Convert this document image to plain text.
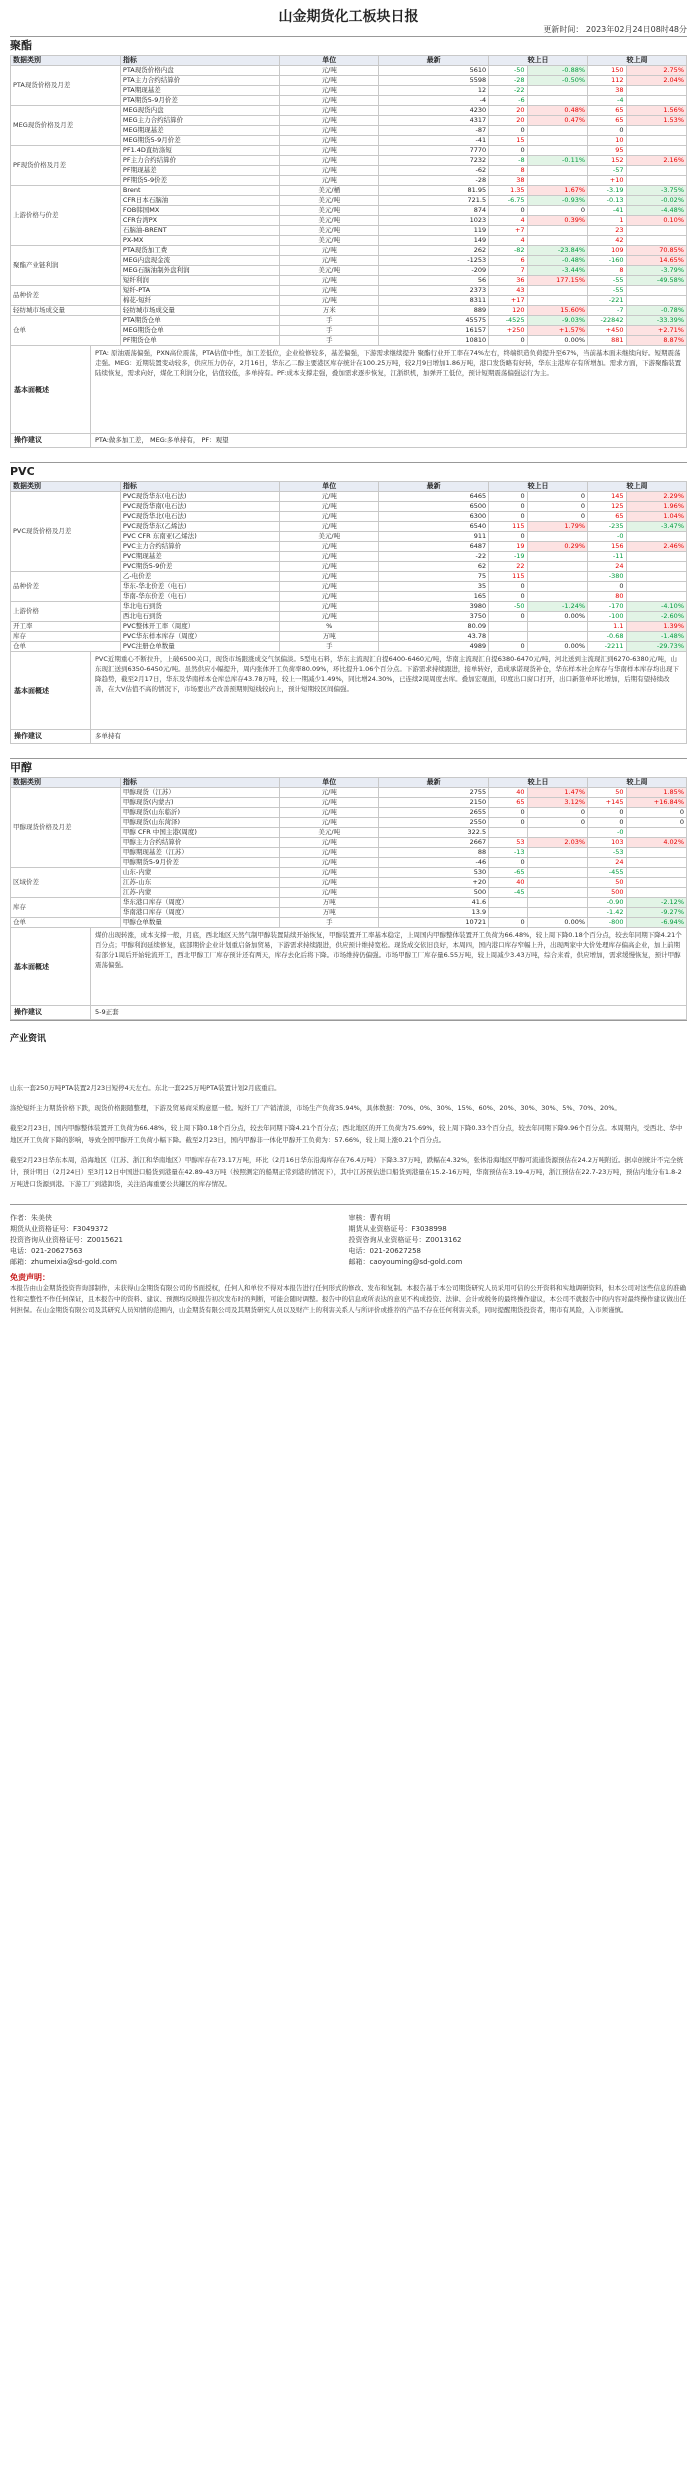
山金期货化工板块日报
更新时间： 2023年02月24日08时48分
聚酯
数据类别	指标	单位	最新	较上日		较上周	
PTA现货价格及月差	PTA现货价格内盘	元/吨	5610	-50	-0.88%	150	2.75%
	PTA主力合约结算价	元/吨	5598	-28	-0.50%	112	2.04%
	PTA期现基差	元/吨	12	-22		38	
	PTA期货5-9月价差	元/吨	-4	-6		-4	
MEG现货价格及月差	MEG现货内盘	元/吨	4230	20	0.48%	65	1.56%
	MEG主力合约结算价	元/吨	4317	20	0.47%	65	1.53%
	MEG期现基差	元/吨	-87	0		0	
	MEG期货5-9月价差	元/吨	-41	15		10	
PF现货价格及月差	PF1.4D直纺涤短	元/吨	7770	0		95	
	PF主力合约结算价	元/吨	7232	-8	-0.11%	152	2.16%
	PF期现基差	元/吨	-62	8		-57	
	PF期货5-9价差	元/吨	-28	38		+10	
上游价格与价差	Brent	美元/桶	81.95	1.35	1.67%	-3.19	-3.75%
	CFR日本石脑油	美元/吨	721.5	-6.75	-0.93%	-0.13	-0.02%
	FOB韩国MX	美元/吨	874	0	0	-41	-4.48%
	CFR台湾PX	美元/吨	1023	4	0.39%	1	0.10%
	石脑油-BRENT	美元/吨	119	+7		23	
	PX-MX	美元/吨	149	4		42	
聚酯产业链利润	PTA现货加工费	元/吨	262	-82	-23.84%	109	70.85%
	MEG内盘现金流	元/吨	-1253	6	-0.48%	-160	14.65%
	MEG石脑油制外盘利润	美元/吨	-209	7	-3.44%	8	-3.79%
	短纤利润	元/吨	56	36	177.15%	-55	-49.58%
品种价差	短纤-PTA	元/吨	2373	43		-55	
	棉花-短纤	元/吨	8311	+17		-221	
轻纺城市场成交量	轻纺城市场成交量	万米	889	120	15.60%	-7	-0.78%
仓单	PTA期货仓单	手	45575	-4525	-9.03%	-22842	-33.39%
	MEG期货仓单	手	16157	+250	+1.57%	+450	+2.71%
	PF期货仓单	手	10810	0	0.00%	881	8.87%
基本面概述
PTA: 原油震荡偏强，PXN高位震荡，PTA估值中性，加工差低位，企业检修较多，基差偏强，下游需求继续提升 聚酯行业开工率在74%左右，终端织造负荷提升至67%，当前基本面未继续向好。短期震荡走强。MEG：近期装置变动较多，供应压力仍存，2月16日，华东乙二醇主要港区库存统计在100.25万吨，较2月9日增加1.86万吨，港口发货略有好转，华东主港库存有所增加。需求方面，下游聚酯装置陆续恢复，需求向好，煤化工利润分化，估值较低，多单持有。PF:成本支撑走强，叠加需求逐步恢复，江浙织机，加弹开工低位，预计短期震荡偏强运行为主。
操作建议	PTA:做多加工差， MEG:多单持有， PF：观望
PVC
数据类别	指标	单位	最新	较上日		较上周	
PVC现货价格及月差	PVC现货华东(电石法)	元/吨	6465	0	0	145	2.29%
	PVC现货华南(电石法)	元/吨	6500	0	0	125	1.96%
	PVC现货华北(电石法)	元/吨	6300	0	0	65	1.04%
	PVC现货华东(乙烯法)	元/吨	6540	115	1.79%	-235	-3.47%
	PVC CFR 东南亚(乙烯法)	美元/吨	911	0		-0	
	PVC主力合约结算价	元/吨	6487	19	0.29%	156	2.46%
	PVC期现基差	元/吨	-22	-19		-11	
	PVC期货5-9价差	元/吨	62	22		24	
品种价差	乙-电价差	元/吨	75	115		-380	
	华东-华北价差（电石）	元/吨	35	0		0	
	华南-华东价差（电石）	元/吨	165	0		80	
上游价格	华北电石到货	元/吨	3980	-50	-1.24%	-170	-4.10%
	西北电石到货	元/吨	3750	0	0.00%	-100	-2.60%
开工率	PVC整体开工率（周度）	%	80.09			1.1	1.39%
库存	PVC华东样本库存（周度）	万吨	43.78			-0.68	-1.48%
仓单	PVC注册仓单数量	手	4989	0	0.00%	-2211	-29.73%
基本面概述
PVC近期重心不断拉升，上破6500关口，现货市场跟涨成交气氛偏淡。5型电石料，华东主流现汇自提6400-6460元/吨，华南主流现汇自提6380-6470元/吨，河北送到主流现汇到6270-6380元/吨，山东现汇送到6350-6450元/吨。虽然供应小幅提升，周内张体开工负荷率80.09%，环比提升1.06个百分点。下游需求持续跟进，接单转好，造成承诺现货补仓，华东样本社会库存与华南样本库存均出现下降趋势，截至2月17日，华东及华南样本仓库总库存43.78万吨，较上一期减少1.49%，同比增24.30%，已连续2周周度去库。叠加宏观面，印度出口窗口打开，出口新签单环比增加，后期有望持续改善，在大V估值不高的情况下，市场要出产改善预期则短线较向上，预计短期较区间偏强。
操作建议	多单持有
甲醇
数据类别	指标	单位	最新	较上日		较上周	
甲醇现货价格及月差	甲醇现货（江苏）	元/吨	2755	40	1.47%	50	1.85%
	甲醇现货(内蒙古)	元/吨	2150	65	3.12%	+145	+16.84%
	甲醇现货(山东临沂)	元/吨	2655	0	0	0	0
	甲醇现货(山东菏泽)	元/吨	2550	0	0	0	0
	甲醇 CFR 中国主港(周度)	美元/吨	322.5			-0	
	甲醇主力合约结算价	元/吨	2667	53	2.03%	103	4.02%
	甲醇期现基差（江苏）	元/吨	88	-13		-53	
	甲醇期货5-9月价差	元/吨	-46	0		24	
区域价差	山东-内蒙	元/吨	530	-65		-455	
	江苏-山东	元/吨	+20	40		50	
	江苏-内蒙	元/吨	500	-45		500	
库存	华东港口库存（周度）	万吨	41.6			-0.90	-2.12%
	华南港口库存（周度）	万吨	13.9			-1.42	-9.27%
仓单	甲醇仓单数量	手	10721	0	0.00%	-800	-6.94%
基本面概述
煤价出现转涨，成本支撑一般，月底，西北地区天然气制甲醇装置陆续开始恢复，甲醇装置开工率基本稳定，上周国内甲醇整体装置开工负荷为66.48%，较上周下降0.18个百分点，较去年同期下降4.21个百分点；甲醇利润延续修复，底部期价企业计划重启备加贸易，下游需求持续跟进，供应预计维持宽松。现货成交依旧良好，本周四，国内港口库存窄幅上升，出现两家中大价处理库存偏高企业，加上前期有部分1周后开始轮流开工，西北甲醇工厂库存预计还有两天，库存去化后将下降。市场维持仍偏强。市场甲醇工厂库存量6.55万吨，较上周减少3.43万吨，综合来看，供应增加，需求缓慢恢复，预计甲醇震荡偏强。
操作建议	5-9正套
产业资讯

山东一套250万吨PTA装置2月23日短停4天左右。东北一套225万吨PTA装置计划2月底重启。

涤纶短纤主力期货价格下跌，现货价格跟随整理，下游及贸易商采购意愿一般。短纤工厂产销清淡，市场生产负荷35.94%，具体数据：70%、0%、30%、15%、60%、20%、30%、30%、5%、70%、20%。

截至2月23日，国内甲醇整体装置开工负荷为66.48%，较上周下降0.18个百分点，较去年同期下降4.21个百分点；西北地区的开工负荷为75.69%，较上周下降0.33个百分点，较去年同期下降9.96个百分点。本周期内，受西北、华中地区开工负荷下降的影响，导致全国甲醇开工负荷小幅下降。截至2月23日，国内甲醇非一体化甲醇开工负荷为：57.66%，较上周上涨0.21个百分点。

截至2月23日华东本周，沿海地区（江苏、浙江和华南地区）甲醇库存在73.17万吨，环比（2月16日华东沿海库存在76.4万吨）下降3.37万吨，跌幅在4.32%，张体沿海地区甲醇可流通货源预估在24.2万吨附近。据卓创统计不完全统计，预计明日（2月24日）至3月12日中国进口船货到港量在42.89-43万吨（按照测定的船期正常到港的情况下），其中江苏预估进口船货到港量在15.2-16万吨，华南预估在3.19-4万吨，浙江预估在22.7-23万吨，预估内地分布1.8-2万吨进口货源到港。下游工厂到港卸货，关注沿海重要公共罐区的库存情况。

作者：朱美侠
期货从业资格证号：F3049372
投资咨询从业资格证号：Z0015621
电话：021-20627563
邮箱：zhumeixia@sd-gold.com
审核：曹有明
期货从业资格证号：F3038998
投资咨询从业资格证号：Z0013162
电话：021-20627258
邮箱：caoyouming@sd-gold.com
免责声明：
本报告由山金期货投资咨询部制作，未获得山金期货有限公司的书面授权，任何人和单位不得对本报告进行任何形式的修改、发布和复制。本报告基于本公司期货研究人员采用可信的公开资料和实地调研资料，但本公司对这些信息的准确性和完整性不作任何保证，且本报告中的资料、建议、预测均反映报告初次发布时的判断，可能会随时调整。报告中的信息或所表达的意见不构成投资、法律、会计或税务的最终操作建议，本公司不就报告中的内容对最终操作建议做出任何担保。在山金期货有限公司及其研究人员知情的范围内，山金期货有限公司及其期货研究人员以及财产上的利害关系人与所评价或推荐的产品不存在任何利害关系，同时提醒期货投资者，期市有风险，入市须谨慎。
